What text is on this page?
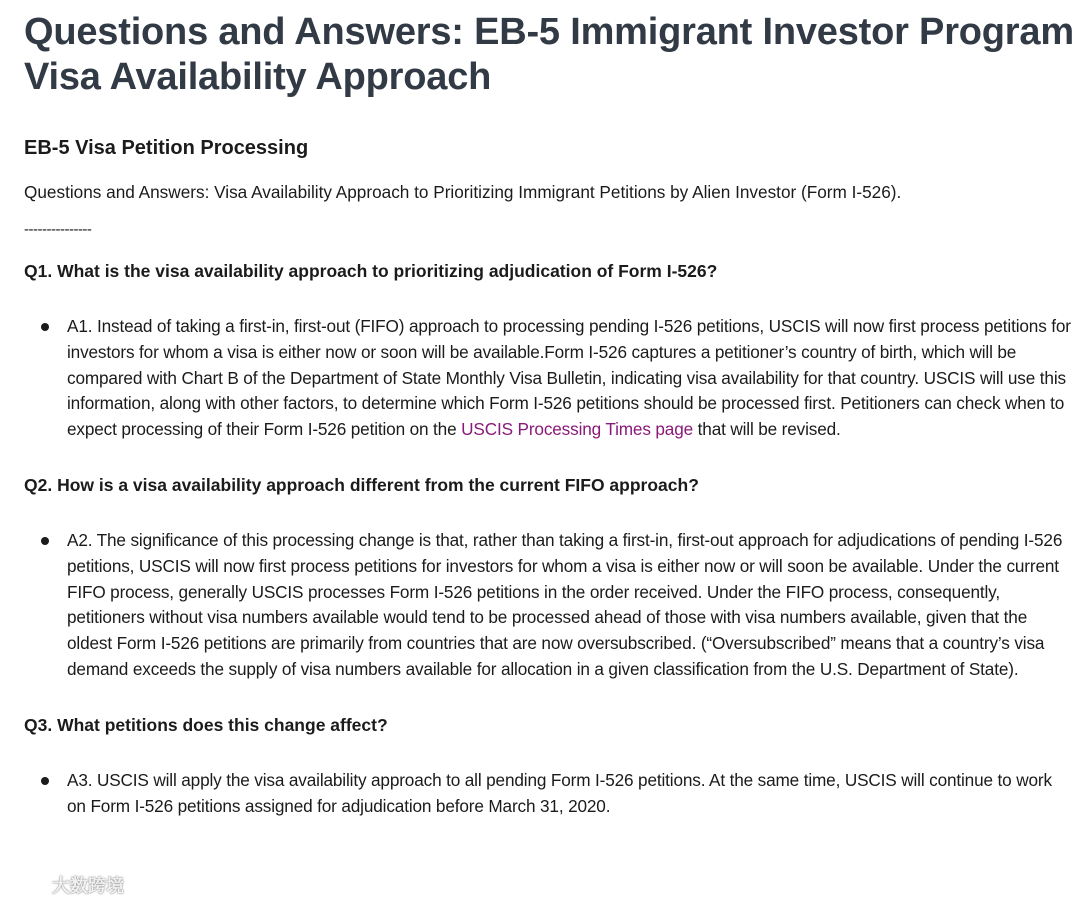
Questions and Answers: EB-5 Immigrant Investor Program Visa Availability Approach
EB-5 Visa Petition Processing

Questions and Answers: Visa Availability Approach to Prioritizing Immigrant Petitions by Alien Investor (Form I-526).

---------------
Q1. What is the visa availability approach to prioritizing adjudication of Form I-526?
A1. Instead of taking a first-in, first-out (FIFO) approach to processing pending I-526 petitions, USCIS will now first process petitions for investors for whom a visa is either now or soon will be available.Form I-526 captures a petitioner’s country of birth, which will be compared with Chart B of the Department of State Monthly Visa Bulletin, indicating visa availability for that country. USCIS will use this information, along with other factors, to determine which Form I-526 petitions should be processed first. Petitioners can check when to expect processing of their Form I-526 petition on the USCIS Processing Times page that will be revised.
Q2. How is a visa availability approach different from the current FIFO approach?
A2. The significance of this processing change is that, rather than taking a first-in, first-out approach for adjudications of pending I-526 petitions, USCIS will now first process petitions for investors for whom a visa is either now or will soon be available. Under the current FIFO process, generally USCIS processes Form I-526 petitions in the order received. Under the FIFO process, consequently, petitioners without visa numbers available would tend to be processed ahead of those with visa numbers available, given that the oldest Form I-526 petitions are primarily from countries that are now oversubscribed. (“Oversubscribed” means that a country’s visa demand exceeds the supply of visa numbers available for allocation in a given classification from the U.S. Department of State).
Q3. What petitions does this change affect?
A3. USCIS will apply the visa availability approach to all pending Form I-526 petitions. At the same time, USCIS will continue to work on Form I-526 petitions assigned for adjudication before March 31, 2020.
大数跨境
